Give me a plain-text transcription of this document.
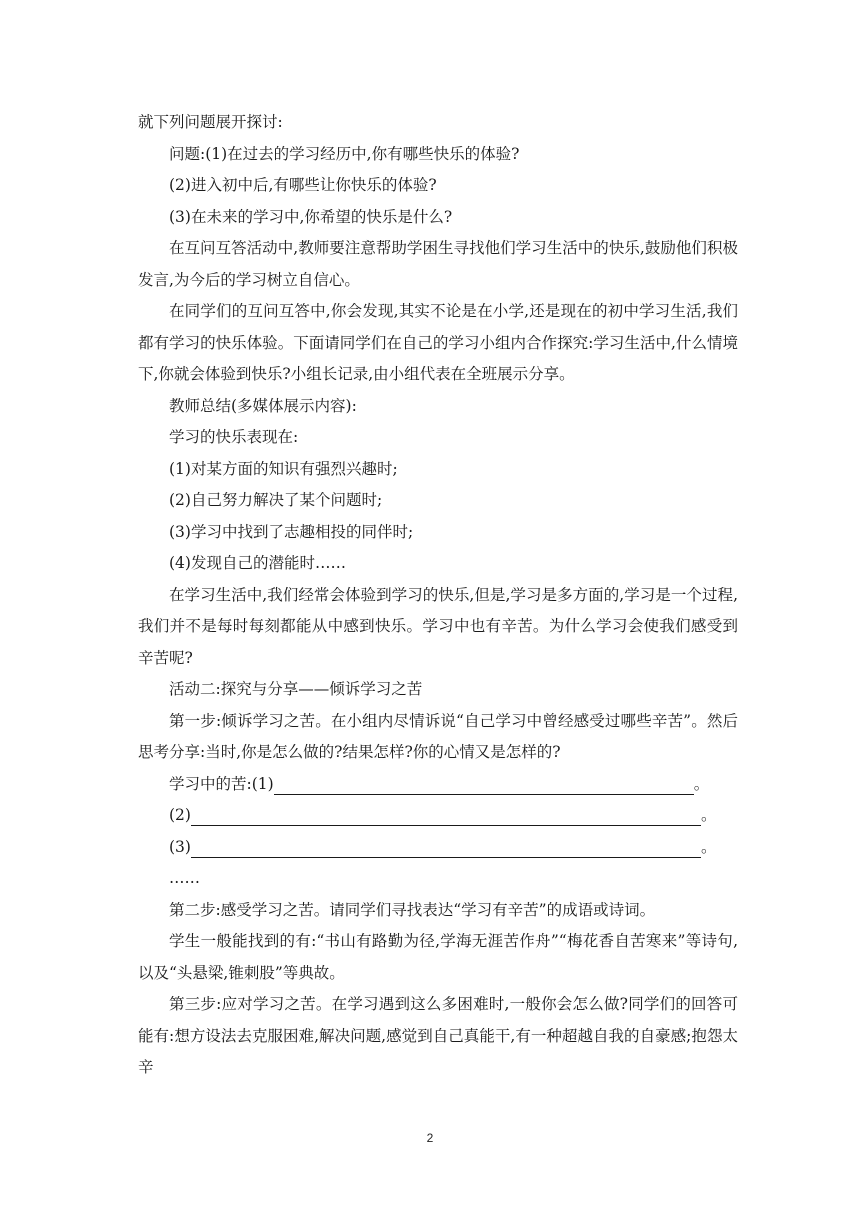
就下列问题展开探讨:

问题:(1)在过去的学习经历中,你有哪些快乐的体验?

(2)进入初中后,有哪些让你快乐的体验?

(3)在未来的学习中,你希望的快乐是什么?

在互问互答活动中,教师要注意帮助学困生寻找他们学习生活中的快乐,鼓励他们积极发言,为今后的学习树立自信心。

在同学们的互问互答中,你会发现,其实不论是在小学,还是现在的初中学习生活,我们都有学习的快乐体验。下面请同学们在自己的学习小组内合作探究:学习生活中,什么情境下,你就会体验到快乐?小组长记录,由小组代表在全班展示分享。

教师总结(多媒体展示内容):

学习的快乐表现在:

(1)对某方面的知识有强烈兴趣时;

(2)自己努力解决了某个问题时;

(3)学习中找到了志趣相投的同伴时;

(4)发现自己的潜能时……

在学习生活中,我们经常会体验到学习的快乐,但是,学习是多方面的,学习是一个过程,我们并不是每时每刻都能从中感到快乐。学习中也有辛苦。为什么学习会使我们感受到辛苦呢?

活动二:探究与分享——倾诉学习之苦

第一步:倾诉学习之苦。在小组内尽情诉说“自己学习中曾经感受过哪些辛苦”。然后思考分享:当时,你是怎么做的?结果怎样?你的心情又是怎样的?

学习中的苦:(1)	。

(2)	。

(3)	。

……

第二步:感受学习之苦。请同学们寻找表达“学习有辛苦”的成语或诗词。

学生一般能找到的有:“书山有路勤为径,学海无涯苦作舟”“梅花香自苦寒来”等诗句,以及“头悬梁,锥刺股”等典故。

第三步:应对学习之苦。在学习遇到这么多困难时,一般你会怎么做?同学们的回答可能有:想方设法去克服困难,解决问题,感觉到自己真能干,有一种超越自我的自豪感;抱怨太辛

2
